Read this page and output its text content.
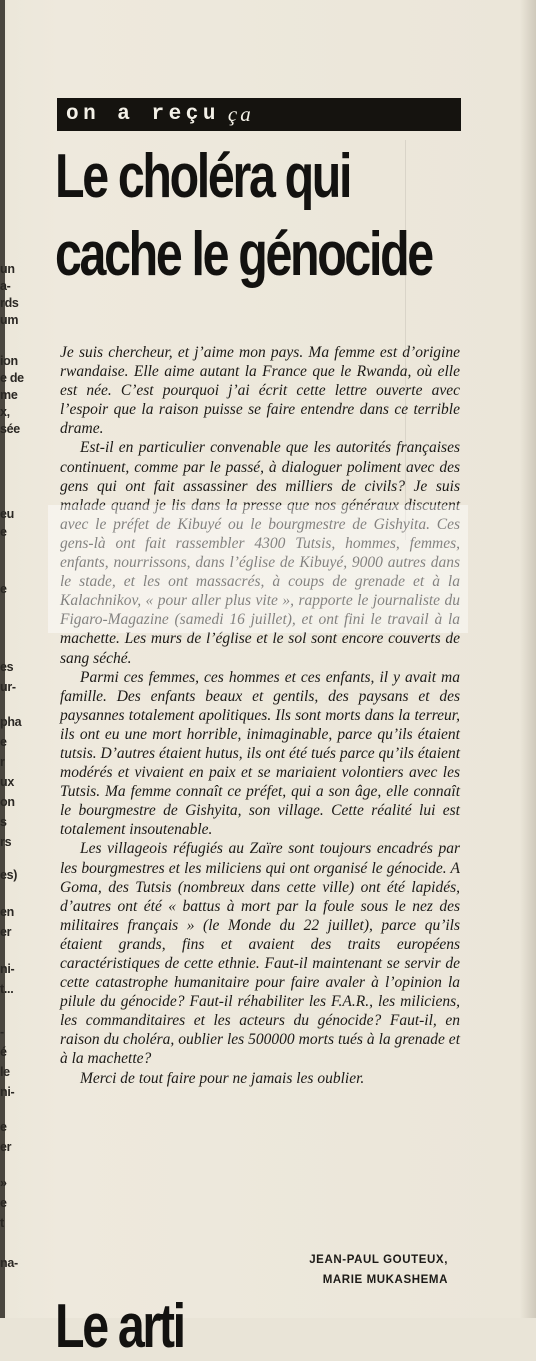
un
a-
rds
um
ion
e de
me
x,
sée
eu
e
e
es
ur-
pha
e
r
ux
on
s
rs
es)
en
er
ni-
t...
-
é
le
ni-
e
er
»
e
t
na-
on a reçu ça
Le choléra qui
cache le génocide

Je suis chercheur, et j’aime mon pays. Ma femme est d’origine rwandaise. Elle aime autant la France que le Rwanda, où elle est née. C’est pourquoi j’ai écrit cette lettre ouverte avec l’espoir que la raison puisse se faire entendre dans ce terrible drame.

Est-il en particulier convenable que les autorités françaises continuent, comme par le passé, à dialoguer poliment avec des gens qui ont fait assassiner des milliers de civils? Je suis malade quand je lis dans la presse que nos généraux discutent avec le préfet de Kibuyé ou le bourgmestre de Gishyita. Ces gens-là ont fait rassembler 4300 Tutsis, hommes, femmes, enfants, nourrissons, dans l’église de Kibuyé, 9000 autres dans le stade, et les ont massacrés, à coups de grenade et à la Kalachnikov, « pour aller plus vite », rapporte le journaliste du Figaro-Magazine (samedi 16 juillet), et ont fini le travail à la machette. Les murs de l’église et le sol sont encore couverts de sang séché.

Parmi ces femmes, ces hommes et ces enfants, il y avait ma famille. Des enfants beaux et gentils, des paysans et des paysannes totalement apolitiques. Ils sont morts dans la terreur, ils ont eu une mort horrible, inimaginable, parce qu’ils étaient tutsis. D’autres étaient hutus, ils ont été tués parce qu’ils étaient modérés et vivaient en paix et se mariaient volontiers avec les Tutsis. Ma femme connaît ce préfet, qui a son âge, elle connaît le bourgmestre de Gishyita, son village. Cette réalité lui est totalement insoutenable.

Les villageois réfugiés au Zaïre sont toujours encadrés par les bourgmestres et les miliciens qui ont organisé le génocide. A Goma, des Tutsis (nombreux dans cette ville) ont été lapidés, d’autres ont été « battus à mort par la foule sous le nez des militaires français » (le Monde du 22 juillet), parce qu’ils étaient grands, fins et avaient des traits européens caractéristiques de cette ethnie. Faut-il maintenant se servir de cette catastrophe humanitaire pour faire avaler à l’opinion la pilule du génocide? Faut-il réhabiliter les F.A.R., les miliciens, les commanditaires et les acteurs du génocide? Faut-il, en raison du choléra, oublier les 500000 morts tués à la grenade et à la machette?

Merci de tout faire pour ne jamais les oublier.

JEAN-PAUL GOUTEUX,
MARIE MUKASHEMA
Le arti
